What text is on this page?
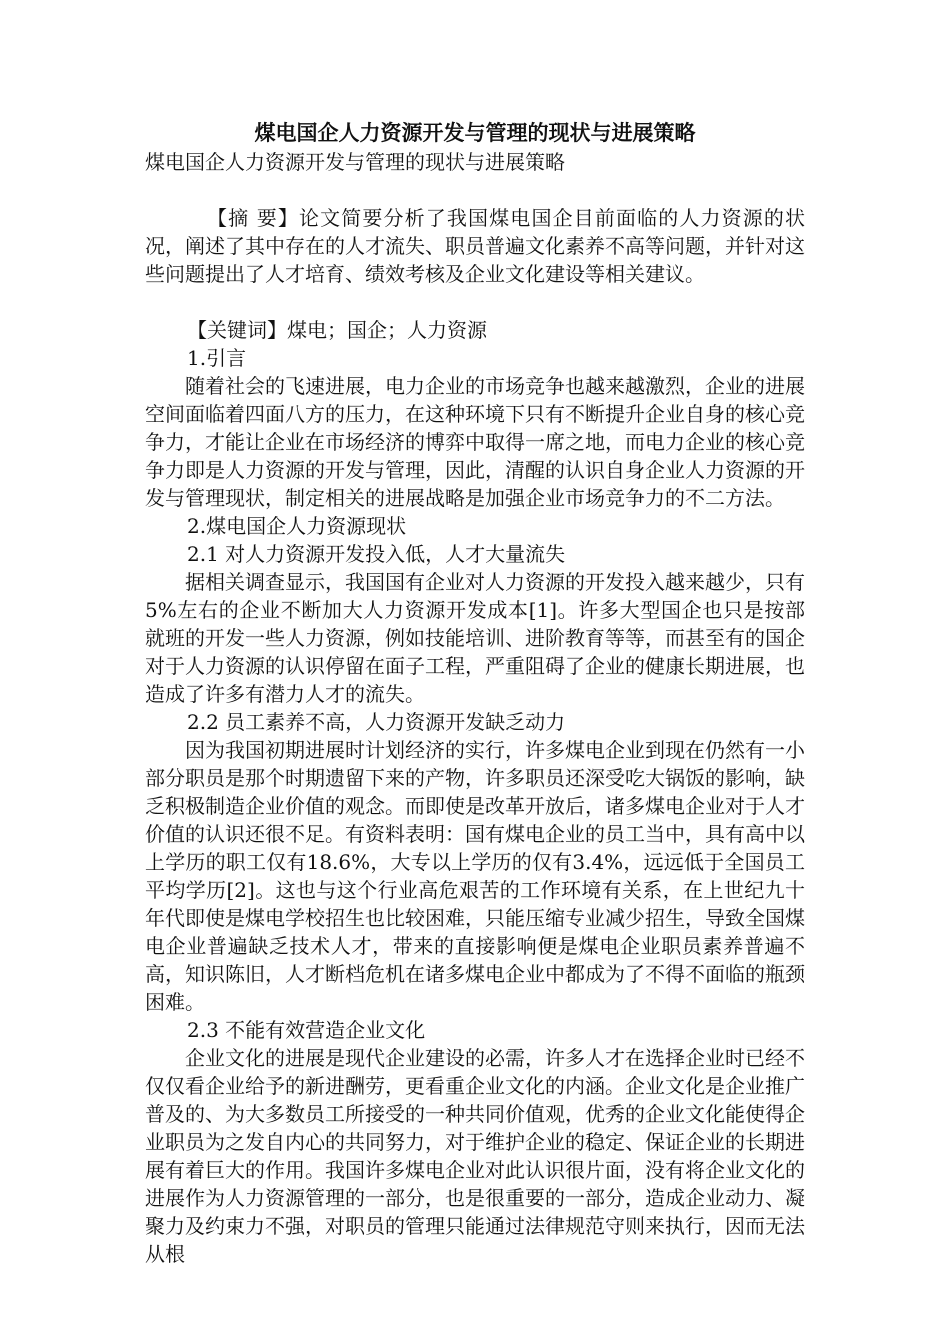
煤电国企人力资源开发与管理的现状与进展策略

煤电国企人力资源开发与管理的现状与进展策略

【摘 要】论文简要分析了我国煤电国企目前面临的人力资源的状况，阐述了其中存在的人才流失、职员普遍文化素养不高等问题，并针对这些问题提出了人才培育、绩效考核及企业文化建设等相关建议。

【关键词】煤电；国企；人力资源

1.引言

随着社会的飞速进展，电力企业的市场竞争也越来越激烈，企业的进展空间面临着四面八方的压力，在这种环境下只有不断提升企业自身的核心竞争力，才能让企业在市场经济的博弈中取得一席之地，而电力企业的核心竞争力即是人力资源的开发与管理，因此，清醒的认识自身企业人力资源的开发与管理现状，制定相关的进展战略是加强企业市场竞争力的不二方法。

2.煤电国企人力资源现状

2.1 对人力资源开发投入低，人才大量流失

据相关调查显示，我国国有企业对人力资源的开发投入越来越少，只有5%左右的企业不断加大人力资源开发成本[1]。许多大型国企也只是按部就班的开发一些人力资源，例如技能培训、进阶教育等等，而甚至有的国企对于人力资源的认识停留在面子工程，严重阻碍了企业的健康长期进展，也造成了许多有潜力人才的流失。

2.2 员工素养不高，人力资源开发缺乏动力

因为我国初期进展时计划经济的实行，许多煤电企业到现在仍然有一小部分职员是那个时期遗留下来的产物，许多职员还深受吃大锅饭的影响，缺乏积极制造企业价值的观念。而即使是改革开放后，诸多煤电企业对于人才价值的认识还很不足。有资料表明：国有煤电企业的员工当中，具有高中以上学历的职工仅有18.6%，大专以上学历的仅有3.4%，远远低于全国员工平均学历[2]。这也与这个行业高危艰苦的工作环境有关系，在上世纪九十年代即使是煤电学校招生也比较困难，只能压缩专业减少招生，导致全国煤电企业普遍缺乏技术人才，带来的直接影响便是煤电企业职员素养普遍不高，知识陈旧，人才断档危机在诸多煤电企业中都成为了不得不面临的瓶颈困难。

2.3 不能有效营造企业文化

企业文化的进展是现代企业建设的必需，许多人才在选择企业时已经不仅仅看企业给予的新进酬劳，更看重企业文化的内涵。企业文化是企业推广普及的、为大多数员工所接受的一种共同价值观，优秀的企业文化能使得企业职员为之发自内心的共同努力，对于维护企业的稳定、保证企业的长期进展有着巨大的作用。我国许多煤电企业对此认识很片面，没有将企业文化的进展作为人力资源管理的一部分，也是很重要的一部分，造成企业动力、凝聚力及约束力不强，对职员的管理只能通过法律规范守则来执行，因而无法从根
